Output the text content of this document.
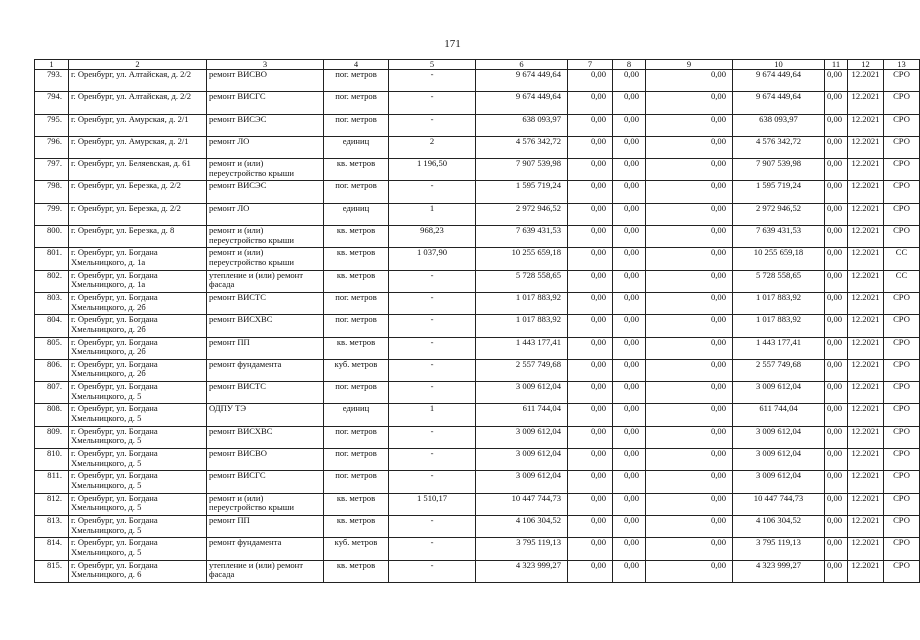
171
1	2	3	4	5	6	7	8	9	10	11	12	13
793.	г. Оренбург, ул. Алтайская, д. 2/2	ремонт ВИСВО	пог. метров	-	9 674 449,64	0,00	0,00	0,00	9 674 449,64	0,00	12.2021	СРО
794.	г. Оренбург, ул. Алтайская, д. 2/2	ремонт ВИСГС	пог. метров	-	9 674 449,64	0,00	0,00	0,00	9 674 449,64	0,00	12.2021	СРО
795.	г. Оренбург, ул. Амурская, д. 2/1	ремонт ВИСЭС	пог. метров	-	638 093,97	0,00	0,00	0,00	638 093,97	0,00	12.2021	СРО
796.	г. Оренбург, ул. Амурская, д. 2/1	ремонт ЛО	единиц	2	4 576 342,72	0,00	0,00	0,00	4 576 342,72	0,00	12.2021	СРО
797.	г. Оренбург, ул. Беляевская, д. 61	ремонт и (или) переустройство крыши	кв. метров	1 196,50	7 907 539,98	0,00	0,00	0,00	7 907 539,98	0,00	12.2021	СРО
798.	г. Оренбург, ул. Березка, д. 2/2	ремонт ВИСЭС	пог. метров	-	1 595 719,24	0,00	0,00	0,00	1 595 719,24	0,00	12.2021	СРО
799.	г. Оренбург, ул. Березка, д. 2/2	ремонт ЛО	единиц	1	2 972 946,52	0,00	0,00	0,00	2 972 946,52	0,00	12.2021	СРО
800.	г. Оренбург, ул. Березка, д. 8	ремонт и (или) переустройство крыши	кв. метров	968,23	7 639 431,53	0,00	0,00	0,00	7 639 431,53	0,00	12.2021	СРО
801.	г. Оренбург, ул. Богдана Хмельницкого, д. 1а	ремонт и (или) переустройство крыши	кв. метров	1 037,90	10 255 659,18	0,00	0,00	0,00	10 255 659,18	0,00	12.2021	СС
802.	г. Оренбург, ул. Богдана Хмельницкого, д. 1а	утепление и (или) ремонт фасада	кв. метров	-	5 728 558,65	0,00	0,00	0,00	5 728 558,65	0,00	12.2021	СС
803.	г. Оренбург, ул. Богдана Хмельницкого, д. 2б	ремонт ВИСТС	пог. метров	-	1 017 883,92	0,00	0,00	0,00	1 017 883,92	0,00	12.2021	СРО
804.	г. Оренбург, ул. Богдана Хмельницкого, д. 2б	ремонт ВИСХВС	пог. метров	-	1 017 883,92	0,00	0,00	0,00	1 017 883,92	0,00	12.2021	СРО
805.	г. Оренбург, ул. Богдана Хмельницкого, д. 2б	ремонт ПП	кв. метров	-	1 443 177,41	0,00	0,00	0,00	1 443 177,41	0,00	12.2021	СРО
806.	г. Оренбург, ул. Богдана Хмельницкого, д. 2б	ремонт фундамента	куб. метров	-	2 557 749,68	0,00	0,00	0,00	2 557 749,68	0,00	12.2021	СРО
807.	г. Оренбург, ул. Богдана Хмельницкого, д. 5	ремонт ВИСТС	пог. метров	-	3 009 612,04	0,00	0,00	0,00	3 009 612,04	0,00	12.2021	СРО
808.	г. Оренбург, ул. Богдана Хмельницкого, д. 5	ОДПУ ТЭ	единиц	1	611 744,04	0,00	0,00	0,00	611 744,04	0,00	12.2021	СРО
809.	г. Оренбург, ул. Богдана Хмельницкого, д. 5	ремонт ВИСХВС	пог. метров	-	3 009 612,04	0,00	0,00	0,00	3 009 612,04	0,00	12.2021	СРО
810.	г. Оренбург, ул. Богдана Хмельницкого, д. 5	ремонт ВИСВО	пог. метров	-	3 009 612,04	0,00	0,00	0,00	3 009 612,04	0,00	12.2021	СРО
811.	г. Оренбург, ул. Богдана Хмельницкого, д. 5	ремонт ВИСГС	пог. метров	-	3 009 612,04	0,00	0,00	0,00	3 009 612,04	0,00	12.2021	СРО
812.	г. Оренбург, ул. Богдана Хмельницкого, д. 5	ремонт и (или) переустройство крыши	кв. метров	1 510,17	10 447 744,73	0,00	0,00	0,00	10 447 744,73	0,00	12.2021	СРО
813.	г. Оренбург, ул. Богдана Хмельницкого, д. 5	ремонт ПП	кв. метров	-	4 106 304,52	0,00	0,00	0,00	4 106 304,52	0,00	12.2021	СРО
814.	г. Оренбург, ул. Богдана Хмельницкого, д. 5	ремонт фундамента	куб. метров	-	3 795 119,13	0,00	0,00	0,00	3 795 119,13	0,00	12.2021	СРО
815.	г. Оренбург, ул. Богдана Хмельницкого, д. 6	утепление и (или) ремонт фасада	кв. метров	-	4 323 999,27	0,00	0,00	0,00	4 323 999,27	0,00	12.2021	СРО
